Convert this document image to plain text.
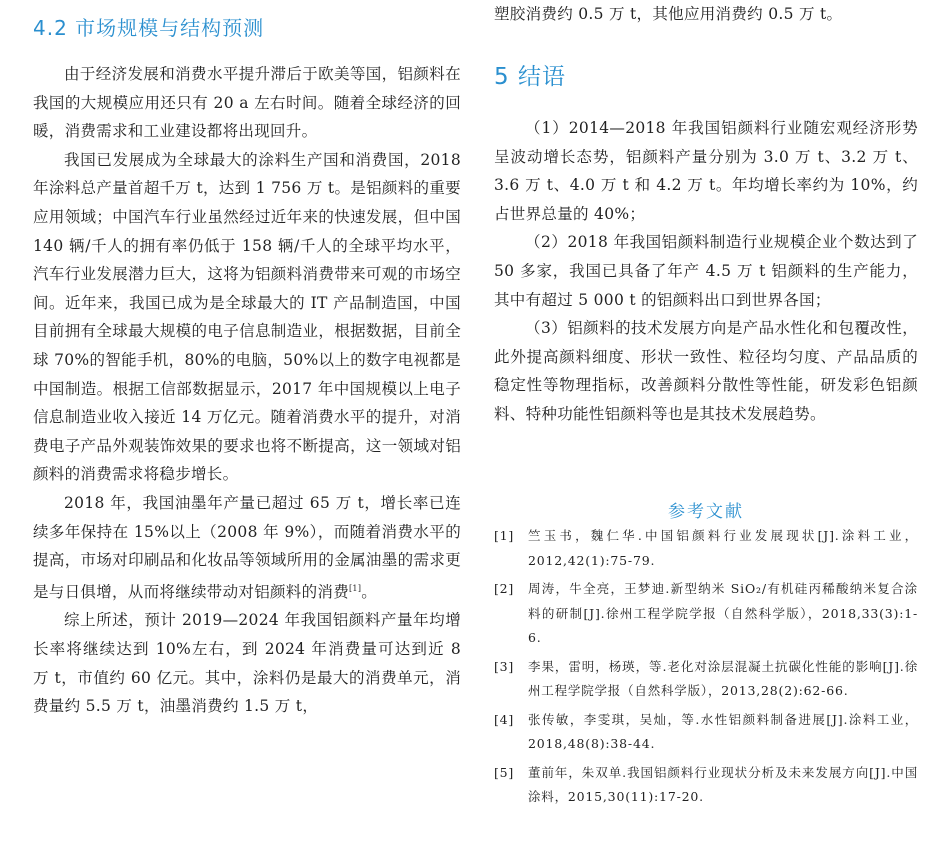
4.2 市场规模与结构预测

由于经济发展和消费水平提升滞后于欧美等国，铝颜料在我国的大规模应用还只有 20 a 左右时间。随着全球经济的回暖，消费需求和工业建设都将出现回升。

我国已发展成为全球最大的涂料生产国和消费国，2018 年涂料总产量首超千万 t，达到 1 756 万 t。是铝颜料的重要应用领域；中国汽车行业虽然经过近年来的快速发展，但中国 140 辆/千人的拥有率仍低于 158 辆/千人的全球平均水平，汽车行业发展潜力巨大，这将为铝颜料消费带来可观的市场空间。近年来，我国已成为是全球最大的 IT 产品制造国，中国目前拥有全球最大规模的电子信息制造业，根据数据，目前全球 70%的智能手机，80%的电脑，50%以上的数字电视都是中国制造。根据工信部数据显示，2017 年中国规模以上电子信息制造业收入接近 14 万亿元。随着消费水平的提升，对消费电子产品外观装饰效果的要求也将不断提高，这一领域对铝颜料的消费需求将稳步增长。

2018 年，我国油墨年产量已超过 65 万 t，增长率已连续多年保持在 15%以上（2008 年 9%），而随着消费水平的提高，市场对印刷品和化妆品等领域所用的金属油墨的需求更是与日俱增，从而将继续带动对铝颜料的消费[1]。

综上所述，预计 2019—2024 年我国铝颜料产量年均增长率将继续达到 10%左右，到 2024 年消费量可达到近 8 万 t，市值约 60 亿元。其中，涂料仍是最大的消费单元，消费量约 5.5 万 t，油墨消费约 1.5 万 t，

塑胶消费约 0.5 万 t，其他应用消费约 0.5 万 t。

5 结语

（1）2014—2018 年我国铝颜料行业随宏观经济形势呈波动增长态势，铝颜料产量分别为 3.0 万 t、3.2 万 t、3.6 万 t、4.0 万 t 和 4.2 万 t。年均增长率约为 10%，约占世界总量的 40%；

（2）2018 年我国铝颜料制造行业规模企业个数达到了 50 多家，我国已具备了年产 4.5 万 t 铝颜料的生产能力，其中有超过 5 000 t 的铝颜料出口到世界各国；

（3）铝颜料的技术发展方向是产品水性化和包覆改性，此外提高颜料细度、形状一致性、粒径均匀度、产品品质的稳定性等物理指标，改善颜料分散性等性能，研发彩色铝颜料、特种功能性铝颜料等也是其技术发展趋势。

参考文献
[1]	竺玉书，魏仁华.中国铝颜料行业发展现状[J].涂料工业，2012,42(1):75-79.
[2]	周涛，牛全亮，王梦迪.新型纳米 SiO₂/有机硅丙稀酸纳米复合涂料的研制[J].徐州工程学院学报（自然科学版），2018,33(3):1-6.
[3]	李果，雷明，杨瑛，等.老化对涂层混凝土抗碳化性能的影响[J].徐州工程学院学报（自然科学版），2013,28(2):62-66.
[4]	张传敏，李雯琪，吴灿，等.水性铝颜料制备进展[J].涂料工业，2018,48(8):38-44.
[5]	董前年，朱双单.我国铝颜料行业现状分析及未来发展方向[J].中国涂料，2015,30(11):17-20.
